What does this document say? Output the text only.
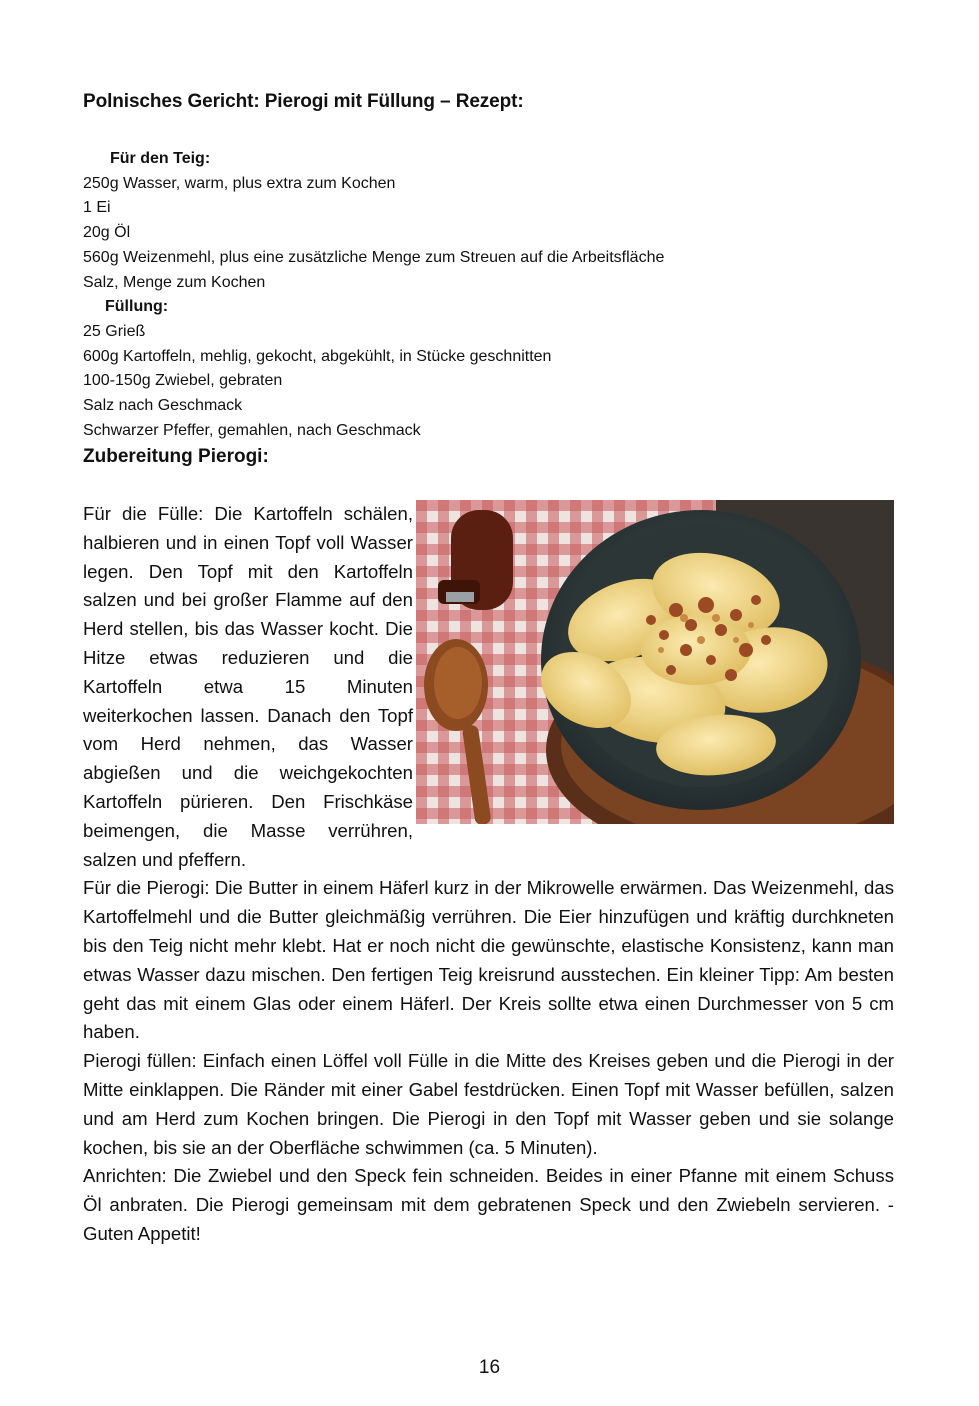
Polnisches Gericht: Pierogi mit Füllung – Rezept:
Für den Teig:
250g Wasser, warm, plus extra zum Kochen
1 Ei
20g Öl
560g Weizenmehl, plus eine zusätzliche Menge zum Streuen auf die Arbeitsfläche
Salz, Menge zum Kochen
Füllung:
25 Grieß
600g Kartoffeln, mehlig, gekocht, abgekühlt, in Stücke geschnitten
100-150g Zwiebel, gebraten
Salz nach Geschmack
Schwarzer Pfeffer, gemahlen, nach Geschmack
Zubereitung Pierogi:

Für die Fülle: Die Kartoffeln schälen, halbieren und in einen Topf voll Wasser legen. Den Topf mit den Kartoffeln salzen und bei großer Flamme auf den Herd stellen, bis das Wasser kocht. Die Hitze etwas reduzieren und die Kartoffeln etwa 15 Minuten weiterkochen lassen. Danach den Topf vom Herd nehmen, das Wasser abgießen und die weichgekochten Kartoffeln pürieren. Den Frischkäse beimengen, die Masse verrühren, salzen und pfeffern.

Für die Pierogi: Die Butter in einem Häferl kurz in der Mikrowelle erwärmen. Das Weizenmehl, das Kartoffelmehl und die Butter gleichmäßig verrühren. Die Eier hinzufügen und kräftig durchkneten bis den Teig nicht mehr klebt. Hat er noch nicht die gewünschte, elastische Konsistenz, kann man etwas Wasser dazu mischen. Den fertigen Teig kreisrund ausstechen. Ein kleiner Tipp: Am besten geht das mit einem Glas oder einem Häferl. Der Kreis sollte etwa einen Durchmesser von 5 cm haben.

Pierogi füllen: Einfach einen Löffel voll Fülle in die Mitte des Kreises geben und die Pierogi in der Mitte einklappen. Die Ränder mit einer Gabel festdrücken. Einen Topf mit Wasser befüllen, salzen und am Herd zum Kochen bringen. Die Pierogi in den Topf mit Wasser geben und sie solange kochen, bis sie an der Oberfläche schwimmen (ca. 5 Minuten).

Anrichten: Die Zwiebel und den Speck fein schneiden. Beides in einer Pfanne mit einem Schuss Öl anbraten. Die Pierogi gemeinsam mit dem gebratenen Speck und den Zwiebeln servieren. - Guten Appetit!

16
